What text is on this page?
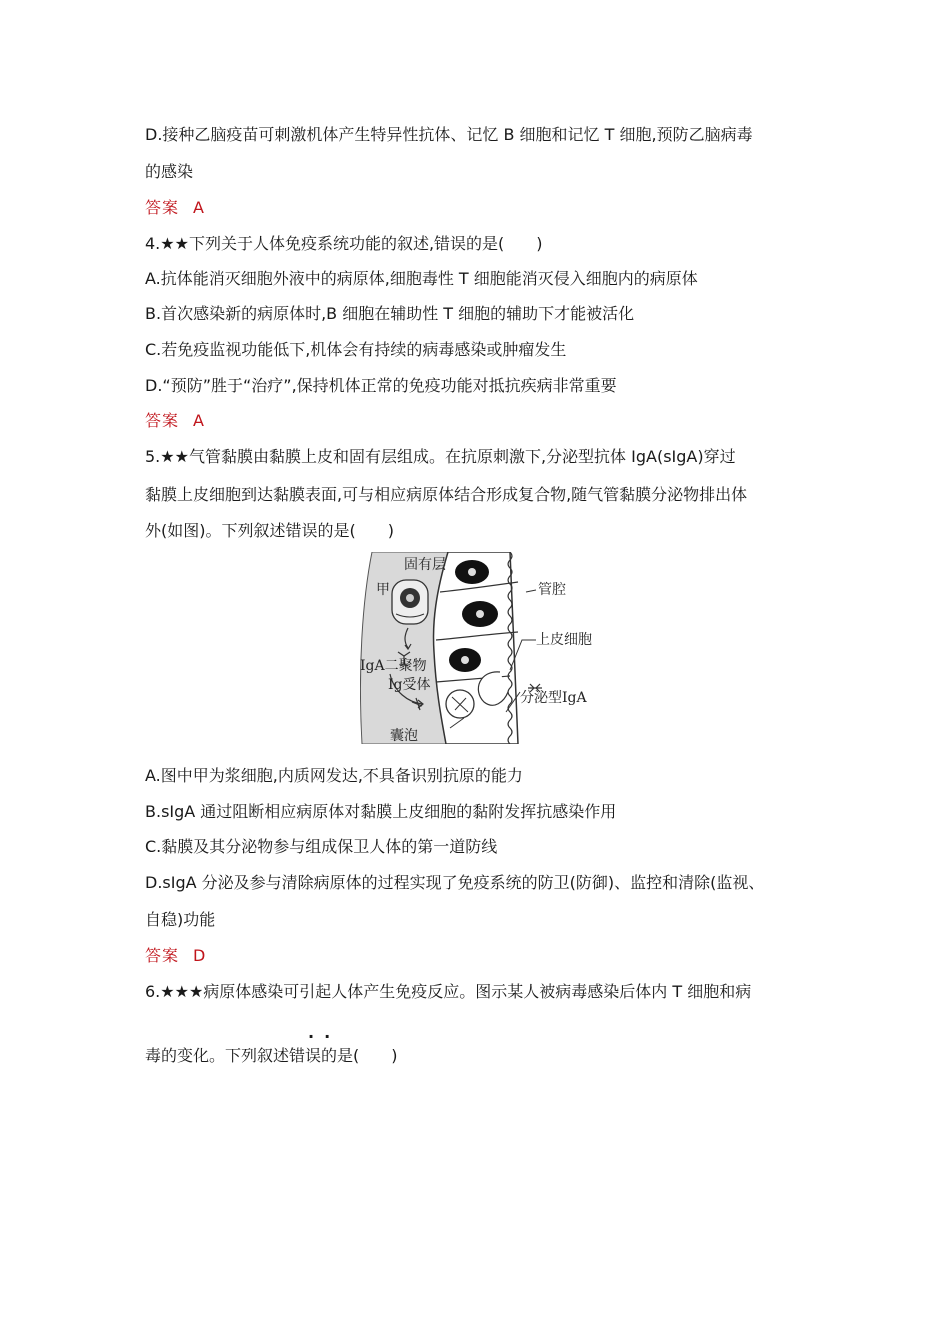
D.接种乙脑疫苗可刺激机体产生特异性抗体、记忆 B 细胞和记忆 T 细胞,预防乙脑病毒
的感染
答案 A
4.★★下列关于人体免疫系统功能的叙述,错误的是(　　)
A.抗体能消灭细胞外液中的病原体,细胞毒性 T 细胞能消灭侵入细胞内的病原体
B.首次感染新的病原体时,B 细胞在辅助性 T 细胞的辅助下才能被活化
C.若免疫监视功能低下,机体会有持续的病毒感染或肿瘤发生
D.“预防”胜于“治疗”,保持机体正常的免疫功能对抵抗疾病非常重要
答案 A
5.★★气管黏膜由黏膜上皮和固有层组成。在抗原刺激下,分泌型抗体 IgA(sIgA)穿过
黏膜上皮细胞到达黏膜表面,可与相应病原体结合形成复合物,随气管黏膜分泌物排出体
外(如图)。下列叙述错误的是(　　)
固有层
甲	管腔
上皮细胞
IgA二聚物
Ig受体
分泌型IgA
囊泡
A.图中甲为浆细胞,内质网发达,不具备识别抗原的能力
B.sIgA 通过阻断相应病原体对黏膜上皮细胞的黏附发挥抗感染作用
C.黏膜及其分泌物参与组成保卫人体的第一道防线
D.sIgA 分泌及参与清除病原体的过程实现了免疫系统的防卫(防御)、监控和清除(监视、
自稳)功能
答案 D
6.★★★病原体感染可引起人体产生免疫反应。图示某人被病毒感染后体内 T 细胞和病
··
毒的变化。下列叙述错误的是(　　)
